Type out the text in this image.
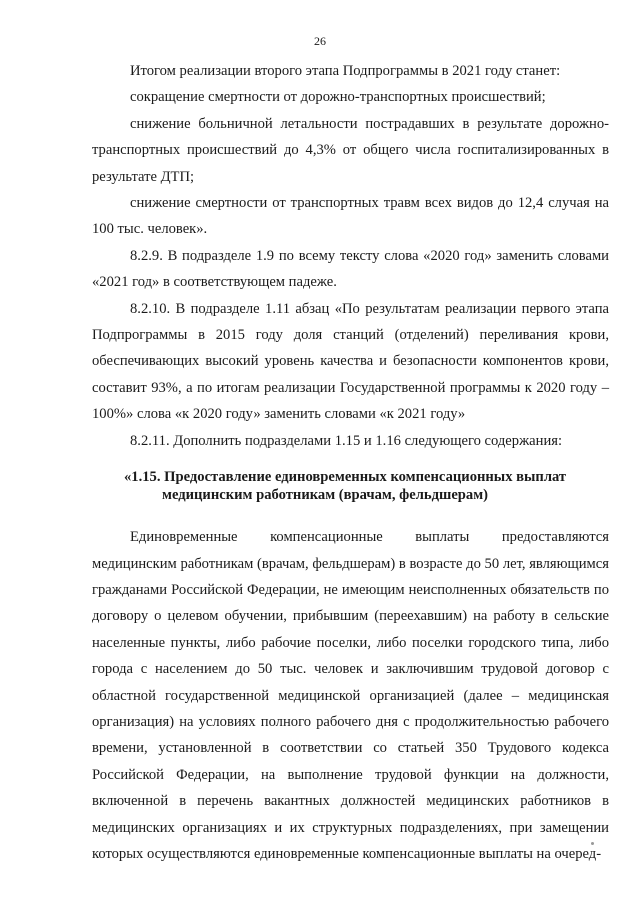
26

Итогом реализации второго этапа Подпрограммы в 2021 году станет:

сокращение смертности от дорожно-транспортных происшествий;

снижение больничной летальности пострадавших в результате дорожно-транспортных происшествий до 4,3% от общего числа госпитализированных в результате ДТП;

снижение смертности от транспортных травм всех видов до 12,4 случая на 100 тыс. человек».

8.2.9. В подразделе 1.9 по всему тексту слова «2020 год» заменить словами «2021 год» в соответствующем падеже.

8.2.10. В подразделе 1.11 абзац «По результатам реализации первого этапа Подпрограммы в 2015 году доля станций (отделений) переливания крови, обеспечивающих высокий уровень качества и безопасности компонентов крови, составит 93%, а по итогам реализации Государственной программы к 2020 году – 100%» слова «к 2020 году» заменить словами «к 2021 году»

8.2.11. Дополнить подразделами 1.15 и 1.16 следующего содержания:

«1.15. Предоставление единовременных компенсационных выплат
медицинским работникам (врачам, фельдшерам)

Единовременные компенсационные выплаты предоставляются медицинским работникам (врачам, фельдшерам) в возрасте до 50 лет, являющимся гражданами Российской Федерации, не имеющим неисполненных обязательств по договору о целевом обучении, прибывшим (переехавшим) на работу в сельские населенные пункты, либо рабочие поселки, либо поселки городского типа, либо города с населением до 50 тыс. человек и заключившим трудовой договор с областной государственной медицинской организацией (далее – медицинская организация) на условиях полного рабочего дня с продолжительностью рабочего времени, установленной в соответствии со статьей 350 Трудового кодекса Российской Федерации, на выполнение трудовой функции на должности, включенной в перечень вакантных должностей медицинских работников в медицинских организациях и их структурных подразделениях, при замещении которых осуществляются единовременные компенсационные выплаты на очеред-
